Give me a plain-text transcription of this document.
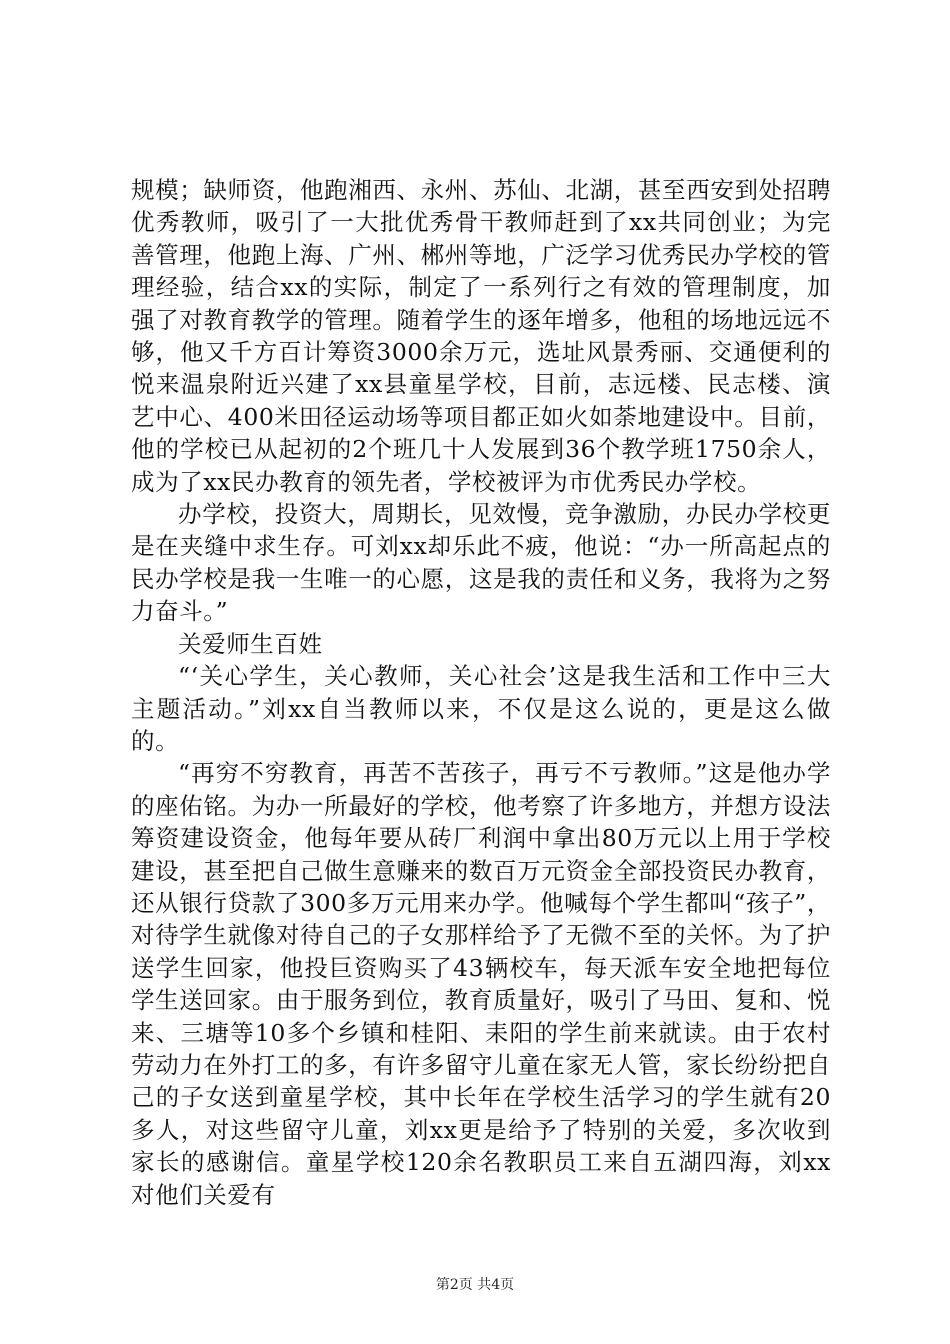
规模；缺师资，他跑湘西、永州、苏仙、北湖，甚至西安到处招聘优秀教师，吸引了一大批优秀骨干教师赶到了xx共同创业；为完善管理，他跑上海、广州、郴州等地，广泛学习优秀民办学校的管理经验，结合xx的实际，制定了一系列行之有效的管理制度，加强了对教育教学的管理。随着学生的逐年增多，他租的场地远远不够，他又千方百计筹资3000余万元，选址风景秀丽、交通便利的悦来温泉附近兴建了xx县童星学校，目前，志远楼、民志楼、演艺中心、400米田径运动场等项目都正如火如荼地建设中。目前，他的学校已从起初的2个班几十人发展到36个教学班1750余人，成为了xx民办教育的领先者，学校被评为市优秀民办学校。

办学校，投资大，周期长，见效慢，竞争激励，办民办学校更是在夹缝中求生存。可刘xx却乐此不疲，他说：“办一所高起点的民办学校是我一生唯一的心愿，这是我的责任和义务，我将为之努力奋斗。”

关爱师生百姓

“‘关心学生，关心教师，关心社会’这是我生活和工作中三大主题活动。”刘xx自当教师以来，不仅是这么说的，更是这么做的。

“再穷不穷教育，再苦不苦孩子，再亏不亏教师。”这是他办学的座佑铭。为办一所最好的学校，他考察了许多地方，并想方设法筹资建设资金，他每年要从砖厂利润中拿出80万元以上用于学校建设，甚至把自己做生意赚来的数百万元资金全部投资民办教育，还从银行贷款了300多万元用来办学。他喊每个学生都叫“孩子”，对待学生就像对待自己的子女那样给予了无微不至的关怀。为了护送学生回家，他投巨资购买了43辆校车，每天派车安全地把每位学生送回家。由于服务到位，教育质量好，吸引了马田、复和、悦来、三塘等10多个乡镇和桂阳、耒阳的学生前来就读。由于农村劳动力在外打工的多，有许多留守儿童在家无人管，家长纷纷把自己的子女送到童星学校，其中长年在学校生活学习的学生就有20多人，对这些留守儿童，刘xx更是给予了特别的关爱，多次收到家长的感谢信。童星学校120余名教职员工来自五湖四海，刘xx对他们关爱有

第2页 共4页
